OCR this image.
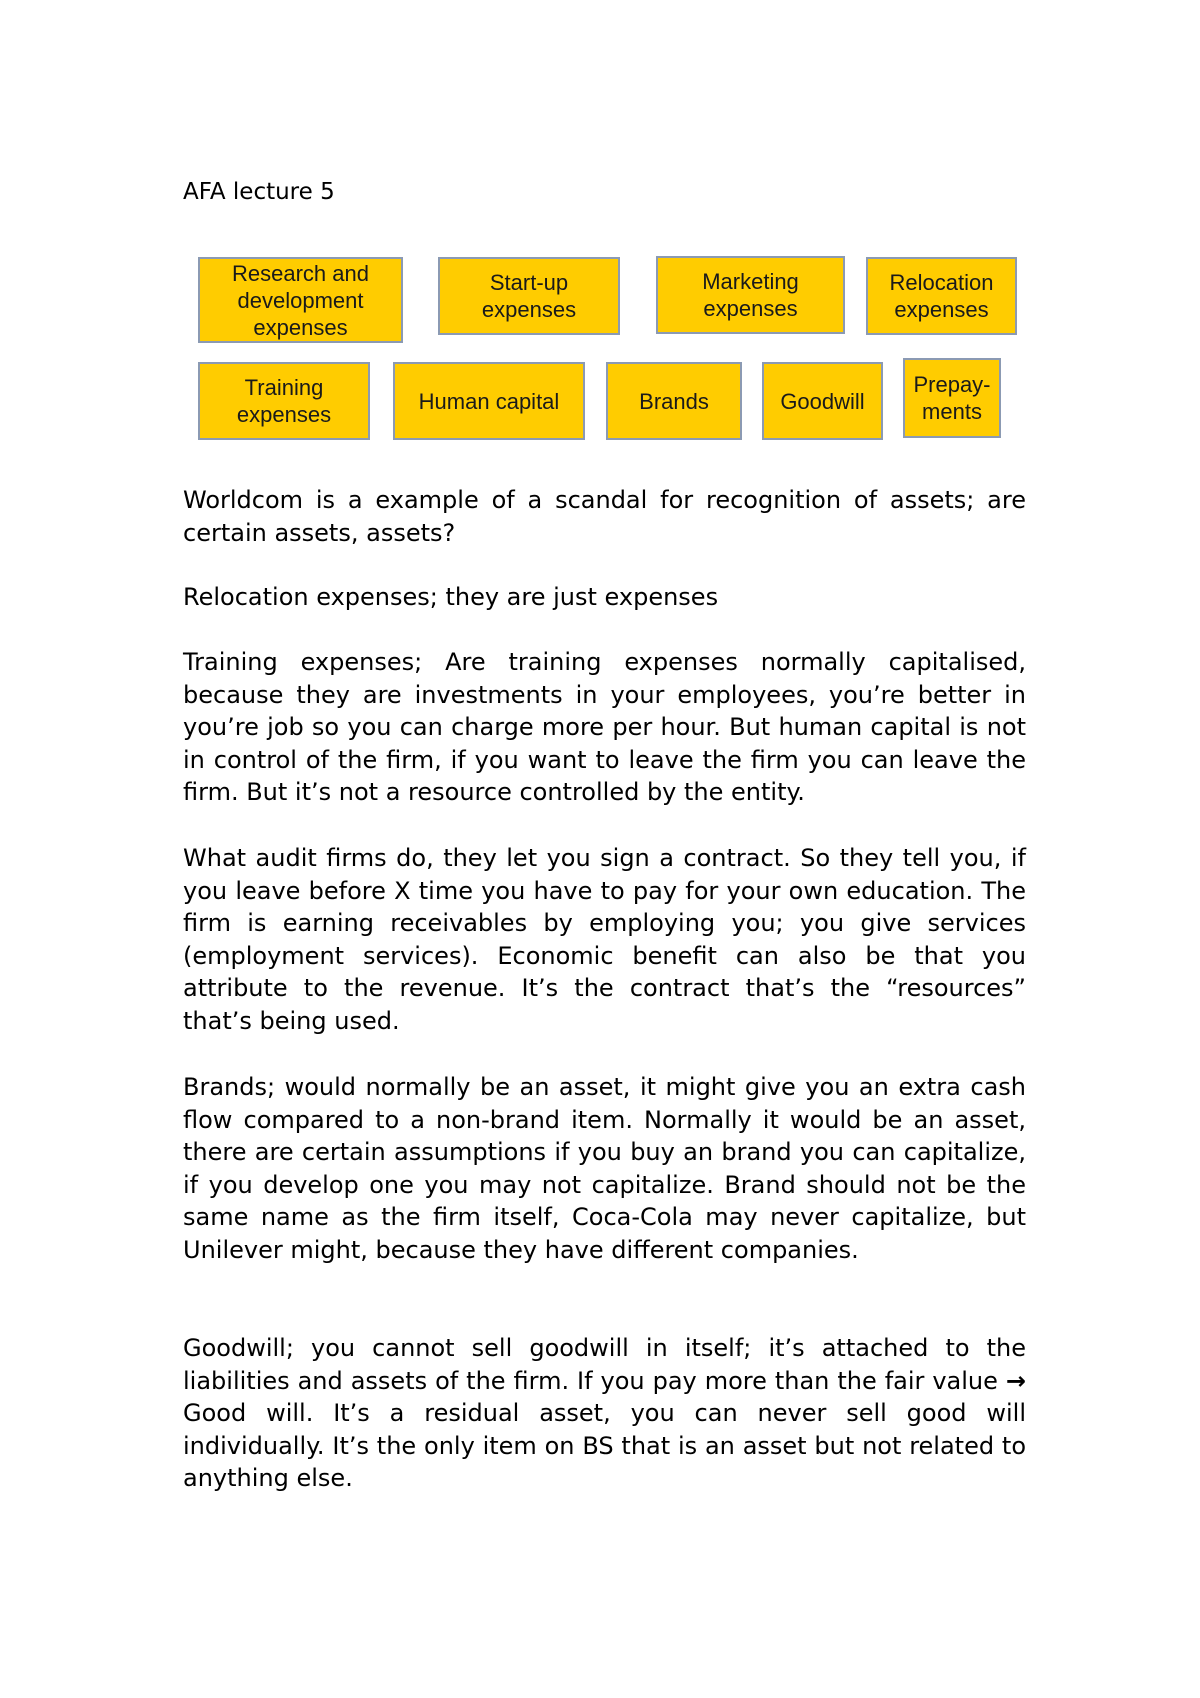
AFA lecture 5
Research and development expenses
Start-up expenses
Marketing expenses
Relocation expenses
Training expenses
Human capital	Brands	Goodwill
Prepay- ments

Worldcom is a example of a scandal for recognition of assets; are certain assets, assets?

Relocation expenses; they are just expenses

Training expenses; Are training expenses normally capitalised, because they are investments in your employees, you’re better in you’re job so you can charge more per hour. But human capital is not in control of the firm, if you want to leave the firm you can leave the firm. But it’s not a resource controlled by the entity.

What audit firms do, they let you sign a contract. So they tell you, if you leave before X time you have to pay for your own education. The firm is earning receivables by employing you; you give services (employment services). Economic benefit can also be that you attribute to the revenue. It’s the contract that’s the “resources” that’s being used.

Brands; would normally be an asset, it might give you an extra cash flow compared to a non-brand item. Normally it would be an asset, there are certain assumptions if you buy an brand you can capitalize, if you develop one you may not capitalize. Brand should not be the same name as the firm itself, Coca-Cola may never capitalize, but Unilever might, because they have different companies.

Goodwill; you cannot sell goodwill in itself; it’s attached to the liabilities and assets of the firm. If you pay more than the fair value → Good will. It’s a residual asset, you can never sell good will individually. It’s the only item on BS that is an asset but not related to anything else.
